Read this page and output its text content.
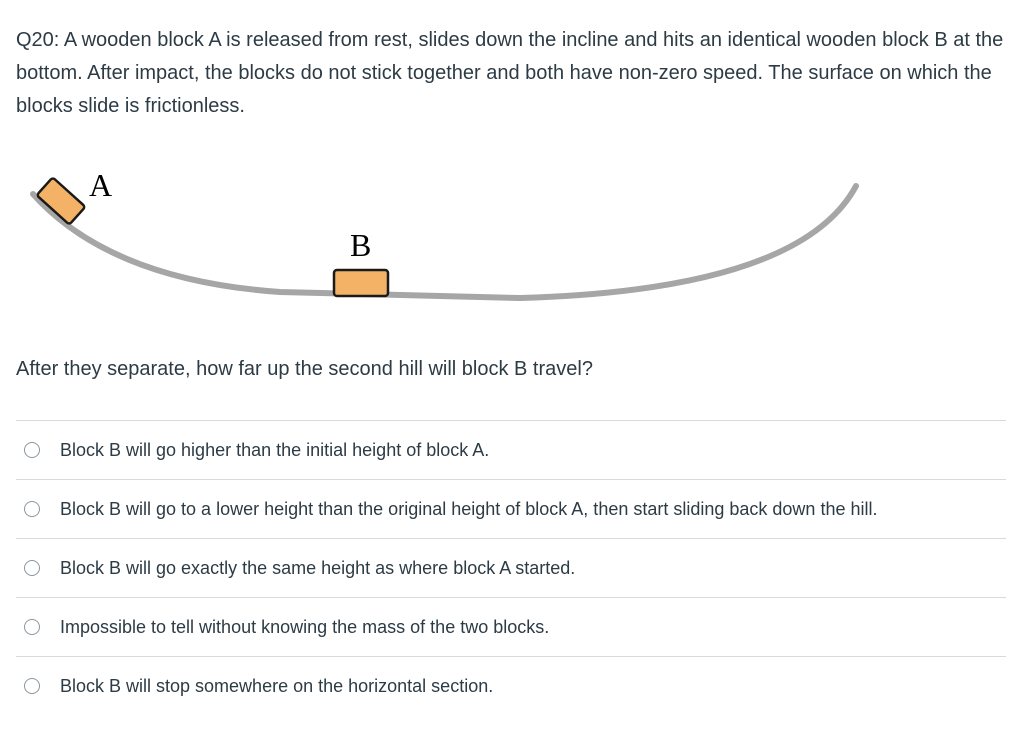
Q20: A wooden block A is released from rest, slides down the incline and hits an identical wooden block B at the bottom. After impact, the blocks do not stick together and both have non-zero speed. The surface on which the blocks slide is frictionless.

A
B

After they separate, how far up the second hill will block B travel?

Block B will go higher than the initial height of block A.
Block B will go to a lower height than the original height of block A, then start sliding back down the hill.
Block B will go exactly the same height as where block A started.
Impossible to tell without knowing the mass of the two blocks.
Block B will stop somewhere on the horizontal section.
